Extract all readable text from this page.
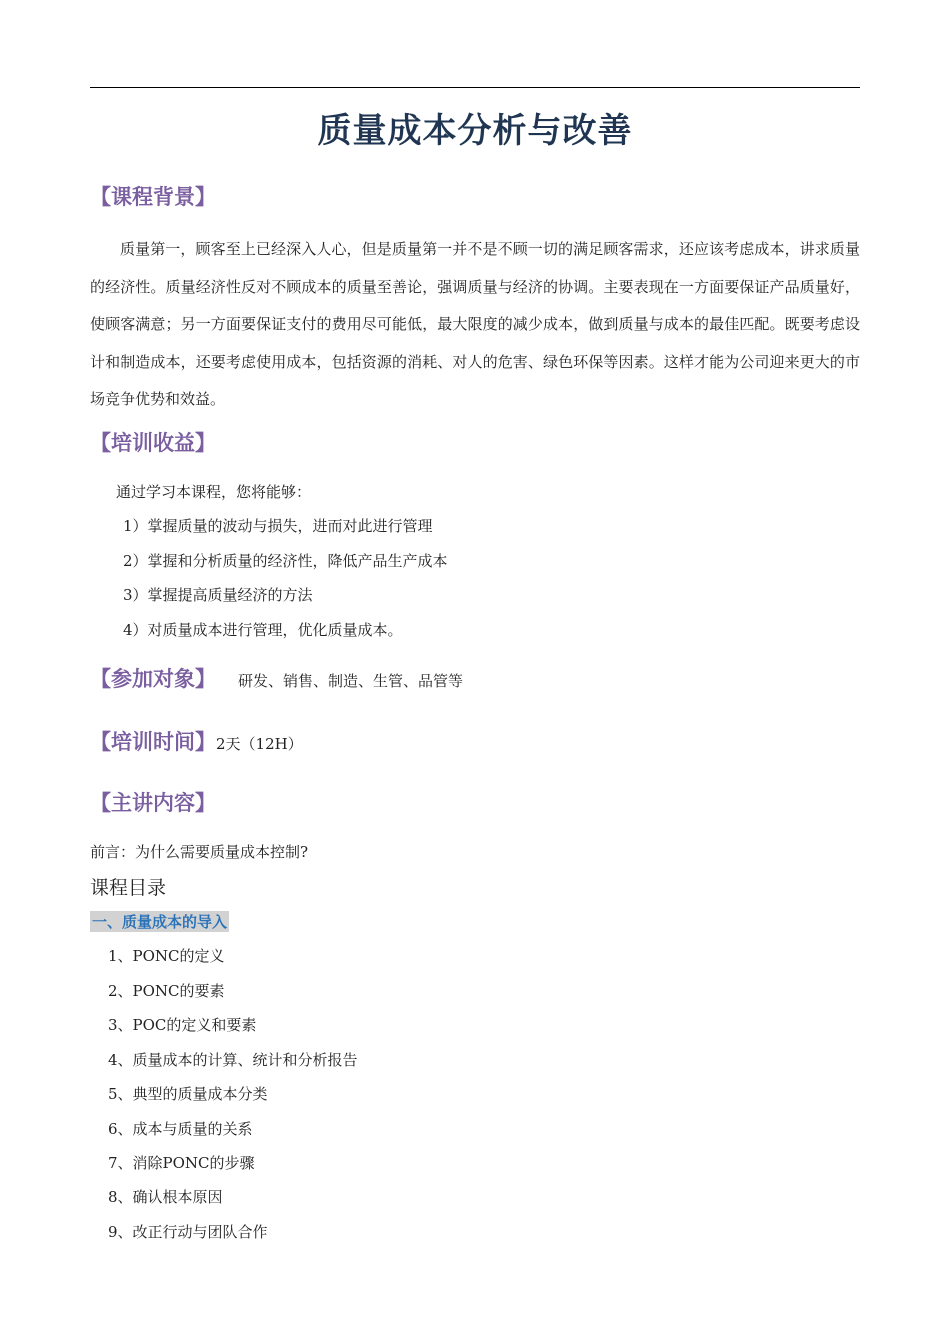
质量成本分析与改善
【课程背景】
质量第一，顾客至上已经深入人心，但是质量第一并不是不顾一切的满足顾客需求，还应该考虑成本，讲求质量的经济性。质量经济性反对不顾成本的质量至善论，强调质量与经济的协调。主要表现在一方面要保证产品质量好，使顾客满意；另一方面要保证支付的费用尽可能低，最大限度的减少成本，做到质量与成本的最佳匹配。既要考虑设计和制造成本，还要考虑使用成本，包括资源的消耗、对人的危害、绿色环保等因素。这样才能为公司迎来更大的市场竞争优势和效益。
【培训收益】
通过学习本课程，您将能够：
1）掌握质量的波动与损失，进而对此进行管理
2）掌握和分析质量的经济性，降低产品生产成本
3）掌握提高质量经济的方法
4）对质量成本进行管理，优化质量成本。
【参加对象】 研发、销售、制造、生管、品管等
【培训时间】2天（12H）
【主讲内容】
前言：为什么需要质量成本控制?
课程目录
一、质量成本的导入
1、PONC的定义
2、PONC的要素
3、POC的定义和要素
4、质量成本的计算、统计和分析报告
5、典型的质量成本分类
6、成本与质量的关系
7、消除PONC的步骤
8、确认根本原因
9、改正行动与团队合作
